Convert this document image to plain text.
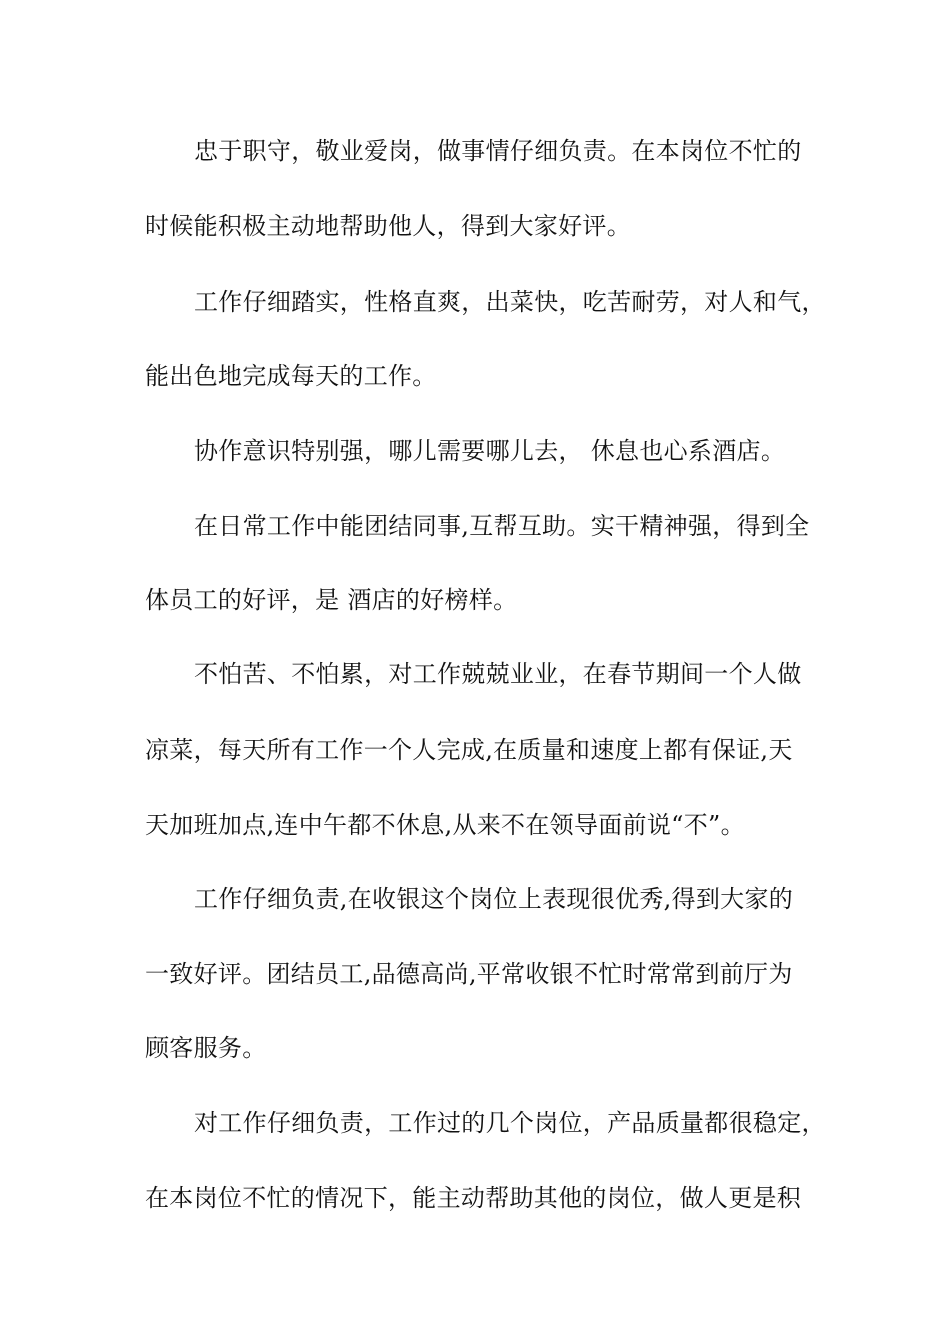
忠于职守，敬业爱岗，做事情仔细负责。在本岗位不忙的

时候能积极主动地帮助他人，得到大家好评。

工作仔细踏实，性格直爽，出菜快，吃苦耐劳，对人和气，

能出色地完成每天的工作。

协作意识特别强，哪儿需要哪儿去， 休息也心系酒店。

在日常工作中能团结同事,互帮互助。实干精神强，得到全

体员工的好评，是 酒店的好榜样。

不怕苦、不怕累，对工作兢兢业业，在春节期间一个人做

凉菜，每天所有工作一个人完成,在质量和速度上都有保证,天

天加班加点,连中午都不休息,从来不在领导面前说“不”。

工作仔细负责,在收银这个岗位上表现很优秀,得到大家的

一致好评。团结员工,品德高尚,平常收银不忙时常常到前厅为

顾客服务。

对工作仔细负责，工作过的几个岗位，产品质量都很稳定，

在本岗位不忙的情况下，能主动帮助其他的岗位，做人更是积
